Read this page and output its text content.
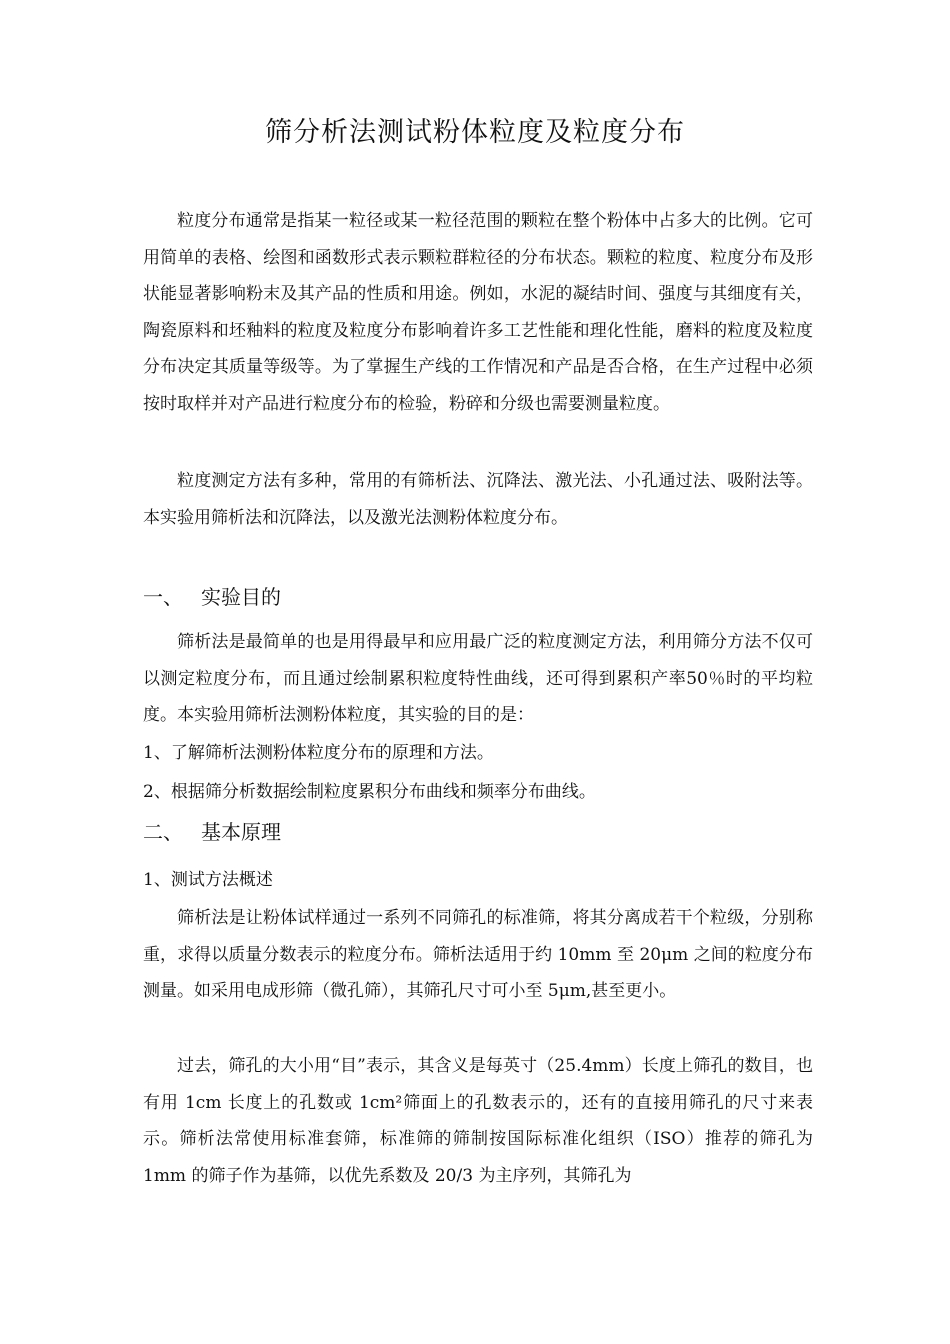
筛分析法测试粉体粒度及粒度分布

粒度分布通常是指某一粒径或某一粒径范围的颗粒在整个粉体中占多大的比例。它可用简单的表格、绘图和函数形式表示颗粒群粒径的分布状态。颗粒的粒度、粒度分布及形状能显著影响粉末及其产品的性质和用途。例如，水泥的凝结时间、强度与其细度有关，陶瓷原料和坯釉料的粒度及粒度分布影响着许多工艺性能和理化性能，磨料的粒度及粒度分布决定其质量等级等。为了掌握生产线的工作情况和产品是否合格，在生产过程中必须按时取样并对产品进行粒度分布的检验，粉碎和分级也需要测量粒度。

粒度测定方法有多种，常用的有筛析法、沉降法、激光法、小孔通过法、吸附法等。本实验用筛析法和沉降法，以及激光法测粉体粒度分布。

一、 实验目的

筛析法是最简单的也是用得最早和应用最广泛的粒度测定方法，利用筛分方法不仅可以测定粒度分布，而且通过绘制累积粒度特性曲线，还可得到累积产率50％时的平均粒度。本实验用筛析法测粉体粒度，其实验的目的是：

1、了解筛析法测粉体粒度分布的原理和方法。

2、根据筛分析数据绘制粒度累积分布曲线和频率分布曲线。

二、 基本原理

1、测试方法概述

筛析法是让粉体试样通过一系列不同筛孔的标准筛，将其分离成若干个粒级，分别称重，求得以质量分数表示的粒度分布。筛析法适用于约 10mm 至 20μm 之间的粒度分布测量。如采用电成形筛（微孔筛），其筛孔尺寸可小至 5μm,甚至更小。

过去，筛孔的大小用“目”表示，其含义是每英寸（25.4mm）长度上筛孔的数目，也有用 1cm 长度上的孔数或 1cm²筛面上的孔数表示的，还有的直接用筛孔的尺寸来表示。筛析法常使用标准套筛，标准筛的筛制按国际标准化组织（ISO）推荐的筛孔为 1mm 的筛子作为基筛，以优先系数及 20/3 为主序列，其筛孔为
